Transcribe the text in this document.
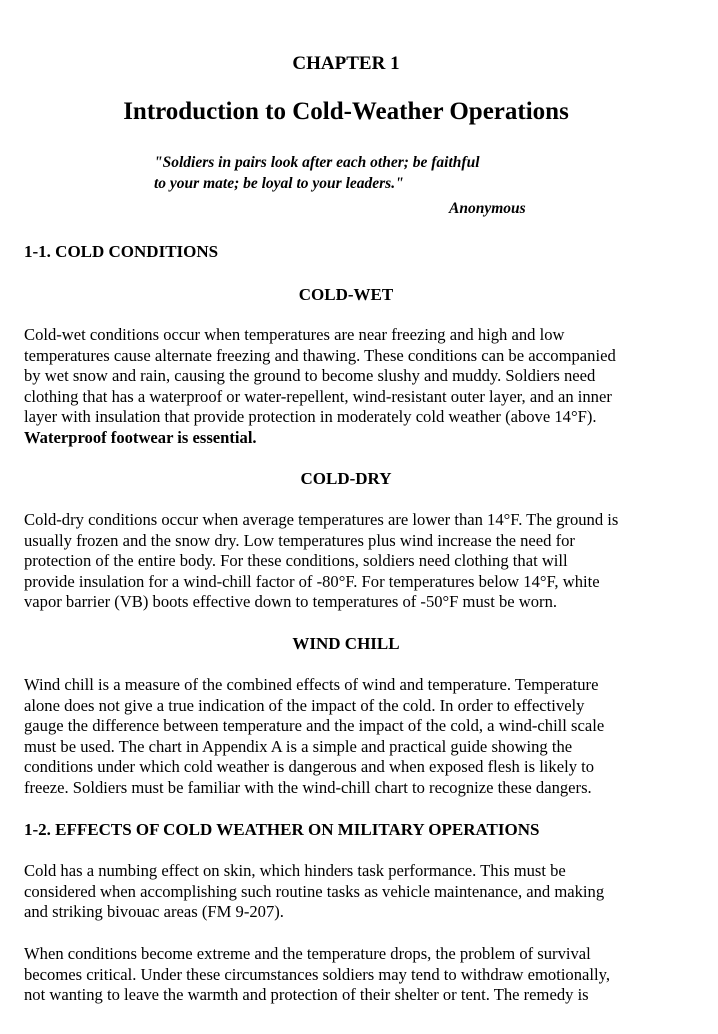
CHAPTER 1
Introduction to Cold-Weather Operations
"Soldiers in pairs look after each other; be faithful
to your mate; be loyal to your leaders."
Anonymous
1-1. COLD CONDITIONS
COLD-WET
Cold-wet conditions occur when temperatures are near freezing and high and low
temperatures cause alternate freezing and thawing. These conditions can be accompanied
by wet snow and rain, causing the ground to become slushy and muddy. Soldiers need
clothing that has a waterproof or water-repellent, wind-resistant outer layer, and an inner
layer with insulation that provide protection in moderately cold weather (above 14°F).
Waterproof footwear is essential.
COLD-DRY
Cold-dry conditions occur when average temperatures are lower than 14°F. The ground is
usually frozen and the snow dry. Low temperatures plus wind increase the need for
protection of the entire body. For these conditions, soldiers need clothing that will
provide insulation for a wind-chill factor of -80°F. For temperatures below 14°F, white
vapor barrier (VB) boots effective down to temperatures of -50°F must be worn.
WIND CHILL
Wind chill is a measure of the combined effects of wind and temperature. Temperature
alone does not give a true indication of the impact of the cold. In order to effectively
gauge the difference between temperature and the impact of the cold, a wind-chill scale
must be used. The chart in Appendix A is a simple and practical guide showing the
conditions under which cold weather is dangerous and when exposed flesh is likely to
freeze. Soldiers must be familiar with the wind-chill chart to recognize these dangers.
1-2. EFFECTS OF COLD WEATHER ON MILITARY OPERATIONS
Cold has a numbing effect on skin, which hinders task performance. This must be
considered when accomplishing such routine tasks as vehicle maintenance, and making
and striking bivouac areas (FM 9-207).
When conditions become extreme and the temperature drops, the problem of survival
becomes critical. Under these circumstances soldiers may tend to withdraw emotionally,
not wanting to leave the warmth and protection of their shelter or tent. The remedy is
